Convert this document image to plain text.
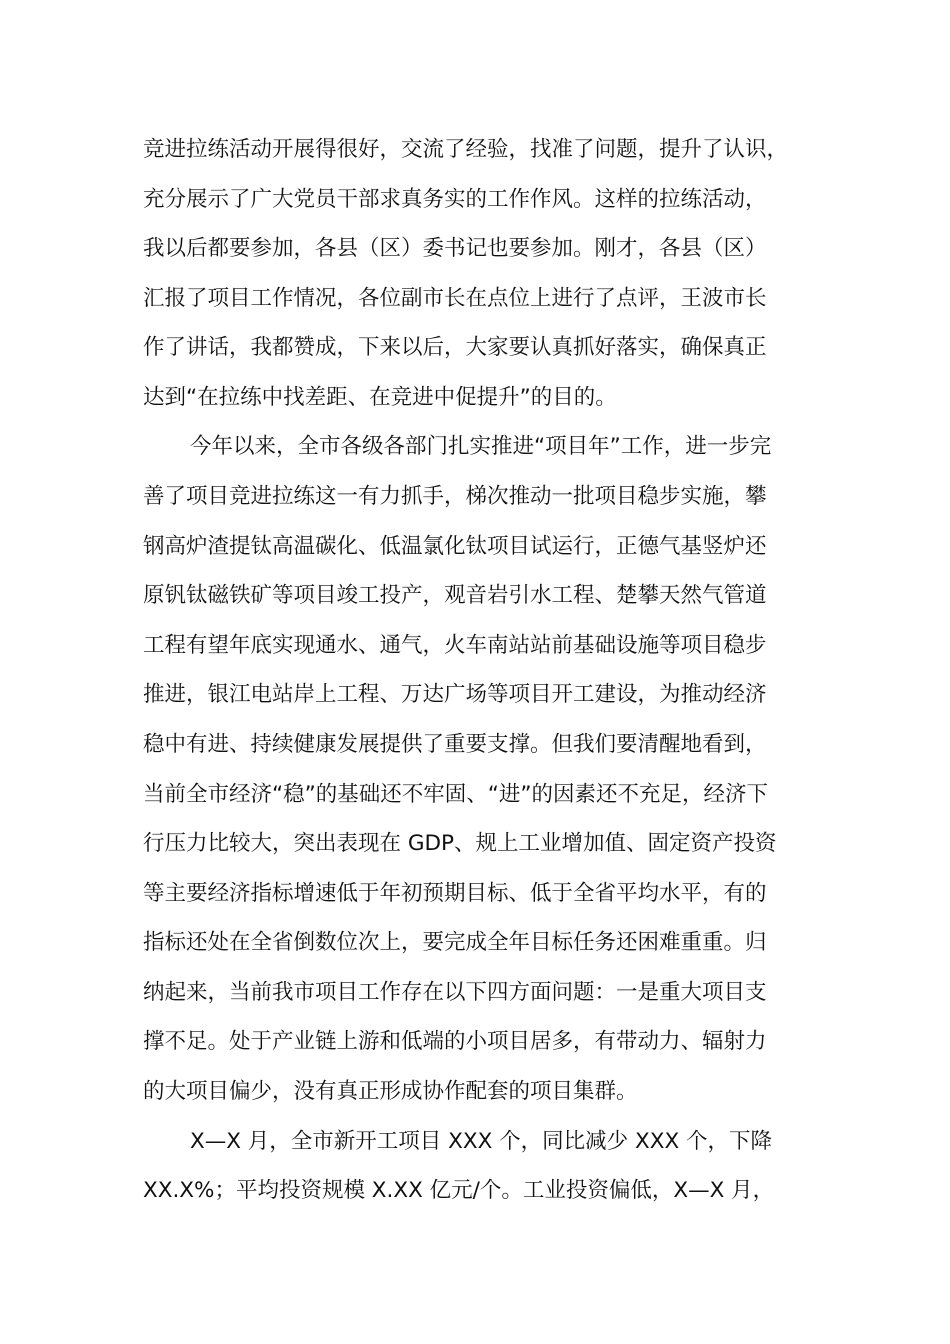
竞进拉练活动开展得很好，交流了经验，找准了问题，提升了认识，
充分展示了广大党员干部求真务实的工作作风。这样的拉练活动，
我以后都要参加，各县（区）委书记也要参加。刚才，各县（区）
汇报了项目工作情况，各位副市长在点位上进行了点评，王波市长
作了讲话，我都赞成，下来以后，大家要认真抓好落实，确保真正
达到“在拉练中找差距、在竞进中促提升”的目的。
今年以来，全市各级各部门扎实推进“项目年”工作，进一步完
善了项目竞进拉练这一有力抓手，梯次推动一批项目稳步实施，攀
钢高炉渣提钛高温碳化、低温氯化钛项目试运行，正德气基竖炉还
原钒钛磁铁矿等项目竣工投产，观音岩引水工程、楚攀天然气管道
工程有望年底实现通水、通气，火车南站站前基础设施等项目稳步
推进，银江电站岸上工程、万达广场等项目开工建设，为推动经济
稳中有进、持续健康发展提供了重要支撑。但我们要清醒地看到，
当前全市经济“稳”的基础还不牢固、“进”的因素还不充足，经济下
行压力比较大，突出表现在 GDP、规上工业增加值、固定资产投资
等主要经济指标增速低于年初预期目标、低于全省平均水平，有的
指标还处在全省倒数位次上，要完成全年目标任务还困难重重。归
纳起来，当前我市项目工作存在以下四方面问题：一是重大项目支
撑不足。处于产业链上游和低端的小项目居多，有带动力、辐射力
的大项目偏少，没有真正形成协作配套的项目集群。
X—X 月，全市新开工项目 XXX 个，同比减少 XXX 个，下降
XX.X%；平均投资规模 X.XX 亿元/个。工业投资偏低，X—X 月，
